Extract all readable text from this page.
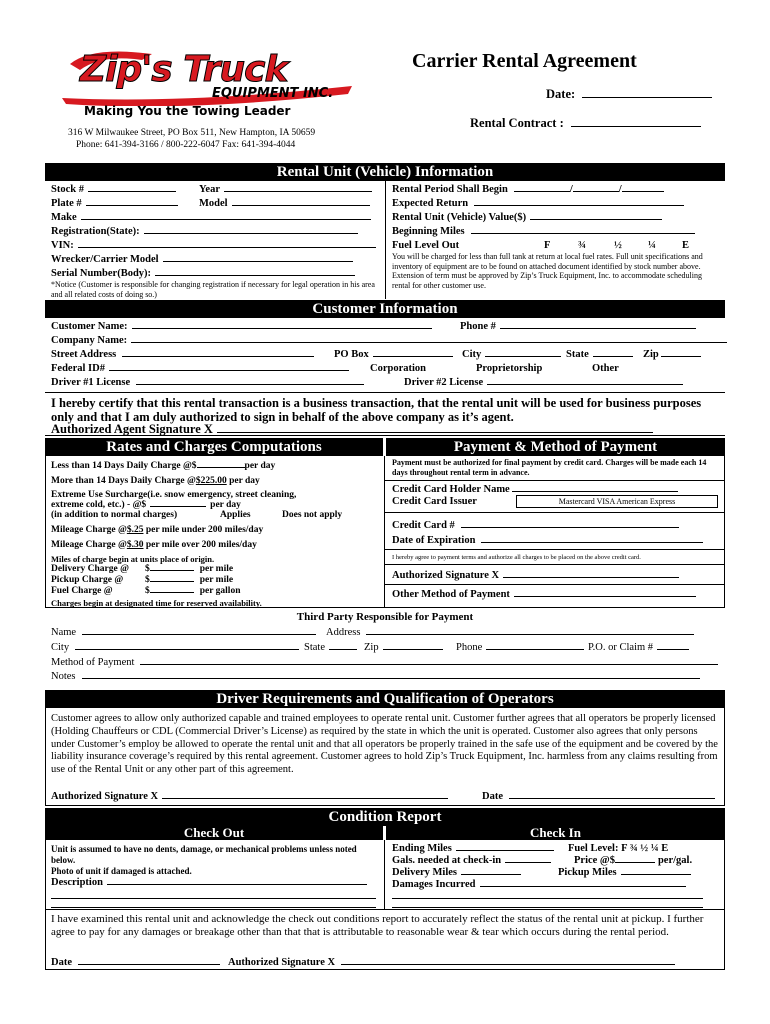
Zip's Truck
EQUIPMENT INC.
Making You the Towing Leader
316 W Milwaukee Street, PO Box 511, New Hampton, IA 50659
Phone: 641-394-3166 / 800-222-6047 Fax: 641-394-4044
Carrier Rental Agreement
Date:
Rental Contract :
Rental Unit (Vehicle) Information
Stock #	Year
Plate #	Model
Make
Registration(State):
VIN:
Wrecker/Carrier Model
Serial Number(Body):
*Notice (Customer is responsible for changing registration if necessary for legal operation in his area and all related costs of doing so.)
Rental Period Shall Begin	/	/
Expected Return
Rental Unit (Vehicle) Value($)
Beginning Miles
Fuel Level Out	F	¾	½ ¼ E
You will be charged for less than full tank at return at local fuel rates. Full unit specifications and inventory of equipment are to be found on attached document identified by stock number above. Extension of term must be approved by Zip’s Truck Equipment, Inc. to accommodate scheduling rental for other customer use.
Customer Information
Customer Name:	Phone #
Company Name:
Street Address	PO Box	City	State	Zip
Federal ID#	Corporation	Proprietorship	Other
Driver #1 License	Driver #2 License
I hereby certify that this rental transaction is a business transaction, that the rental unit will be used for business purposes only and that I am duly authorized to sign in behalf of the above company as it’s agent.
Authorized Agent Signature X
Rates and Charges Computations	Payment & Method of Payment
Less than 14 Days Daily Charge @$	per day
More than 14 Days Daily Charge @$225.00 per day
Extreme Use Surcharge(i.e. snow emergency, street cleaning,
extreme cold, etc.) - @$	per day
(in addition to normal charges)	Applies	Does not apply
Mileage Charge @$.25 per mile under 200 miles/day
Mileage Charge @$.30 per mile over 200 miles/day
Miles of charge begin at units place of origin.
Delivery Charge @ $	per mile
Pickup Charge @ $	per mile
Fuel Charge @	$	per gallon
Charges begin at designated time for reserved availability.
Payment must be authorized for final payment by credit card. Charges will be made each 14 days throughout rental term in advance.
Credit Card Holder Name
Credit Card Issuer	Mastercard VISA American Express
Credit Card #
Date of Expiration
I hereby agree to payment terms and authorize all charges to be placed on the above credit card.
Authorized Signature X
Other Method of Payment
Third Party Responsible for Payment
Name	Address
City	State	Zip	Phone	P.O. or Claim #
Method of Payment
Notes
Driver Requirements and Qualification of Operators
Customer agrees to allow only authorized capable and trained employees to operate rental unit. Customer further agrees that all operators be properly licensed (Holding Chauffeurs or CDL (Commercial Driver’s License) as required by the state in which the unit is operated. Customer also agrees that only persons under Customer’s employ be allowed to operate the rental unit and that all operators be properly trained in the safe use of the equipment and be covered by the liability insurance coverage’s required by this rental agreement. Customer agrees to hold Zip’s Truck Equipment, Inc. harmless from any claims resulting from use of the Rental Unit or any other part of this agreement.
Authorized Signature X	Date
Condition Report
Check Out	Check In
Unit is assumed to have no dents, damage, or mechanical problems unless noted below.
Photo of unit if damaged is attached.
Description
Ending Miles	Fuel Level: F ¾ ½ ¼ E
Gals. needed at check-in	Price @$	per/gal.
Delivery Miles	Pickup Miles
Damages Incurred
I have examined this rental unit and acknowledge the check out conditions report to accurately reflect the status of the rental unit at pickup. I further agree to pay for any damages or breakage other than that that is attributable to reasonable wear & tear which occurs during the rental period.
Date	Authorized Signature X
